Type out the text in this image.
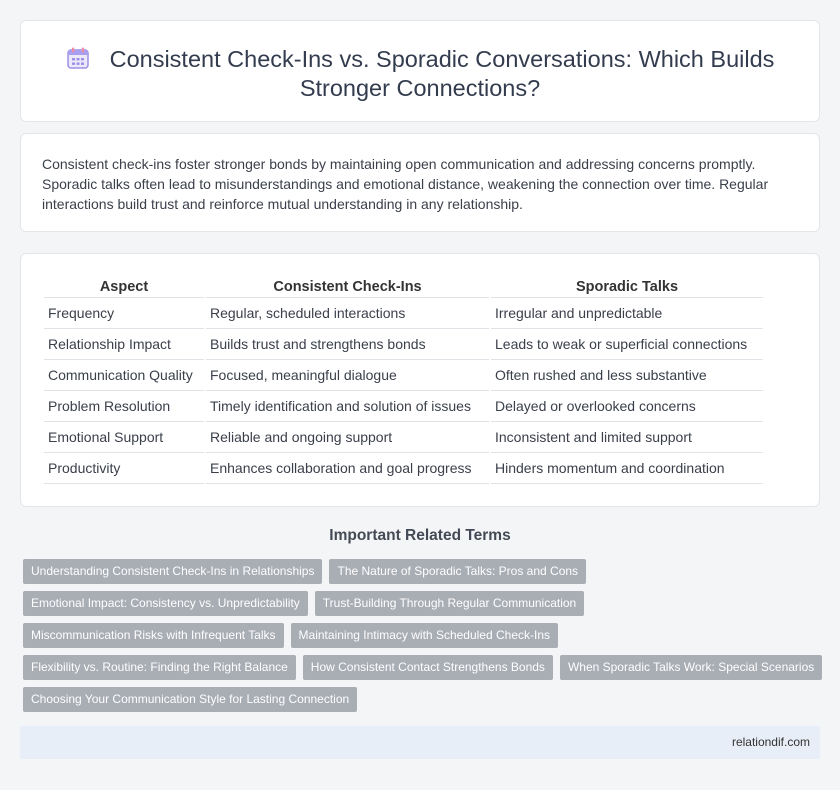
Consistent Check-Ins vs. Sporadic Conversations: Which Builds Stronger Connections?

Consistent check-ins foster stronger bonds by maintaining open communication and addressing concerns promptly. Sporadic talks often lead to misunderstandings and emotional distance, weakening the connection over time. Regular interactions build trust and reinforce mutual understanding in any relationship.

Aspect	Consistent Check-Ins	Sporadic Talks
Frequency	Regular, scheduled interactions	Irregular and unpredictable
Relationship Impact	Builds trust and strengthens bonds	Leads to weak or superficial connections
Communication Quality	Focused, meaningful dialogue	Often rushed and less substantive
Problem Resolution	Timely identification and solution of issues	Delayed or overlooked concerns
Emotional Support	Reliable and ongoing support	Inconsistent and limited support
Productivity	Enhances collaboration and goal progress	Hinders momentum and coordination
Important Related Terms
Understanding Consistent Check-Ins in Relationships	The Nature of Sporadic Talks: Pros and Cons
Emotional Impact: Consistency vs. Unpredictability	Trust-Building Through Regular Communication
Miscommunication Risks with Infrequent Talks	Maintaining Intimacy with Scheduled Check-Ins
Flexibility vs. Routine: Finding the Right Balance	How Consistent Contact Strengthens Bonds	When Sporadic Talks Work: Special Scenarios
Choosing Your Communication Style for Lasting Connection
relationdif.com
